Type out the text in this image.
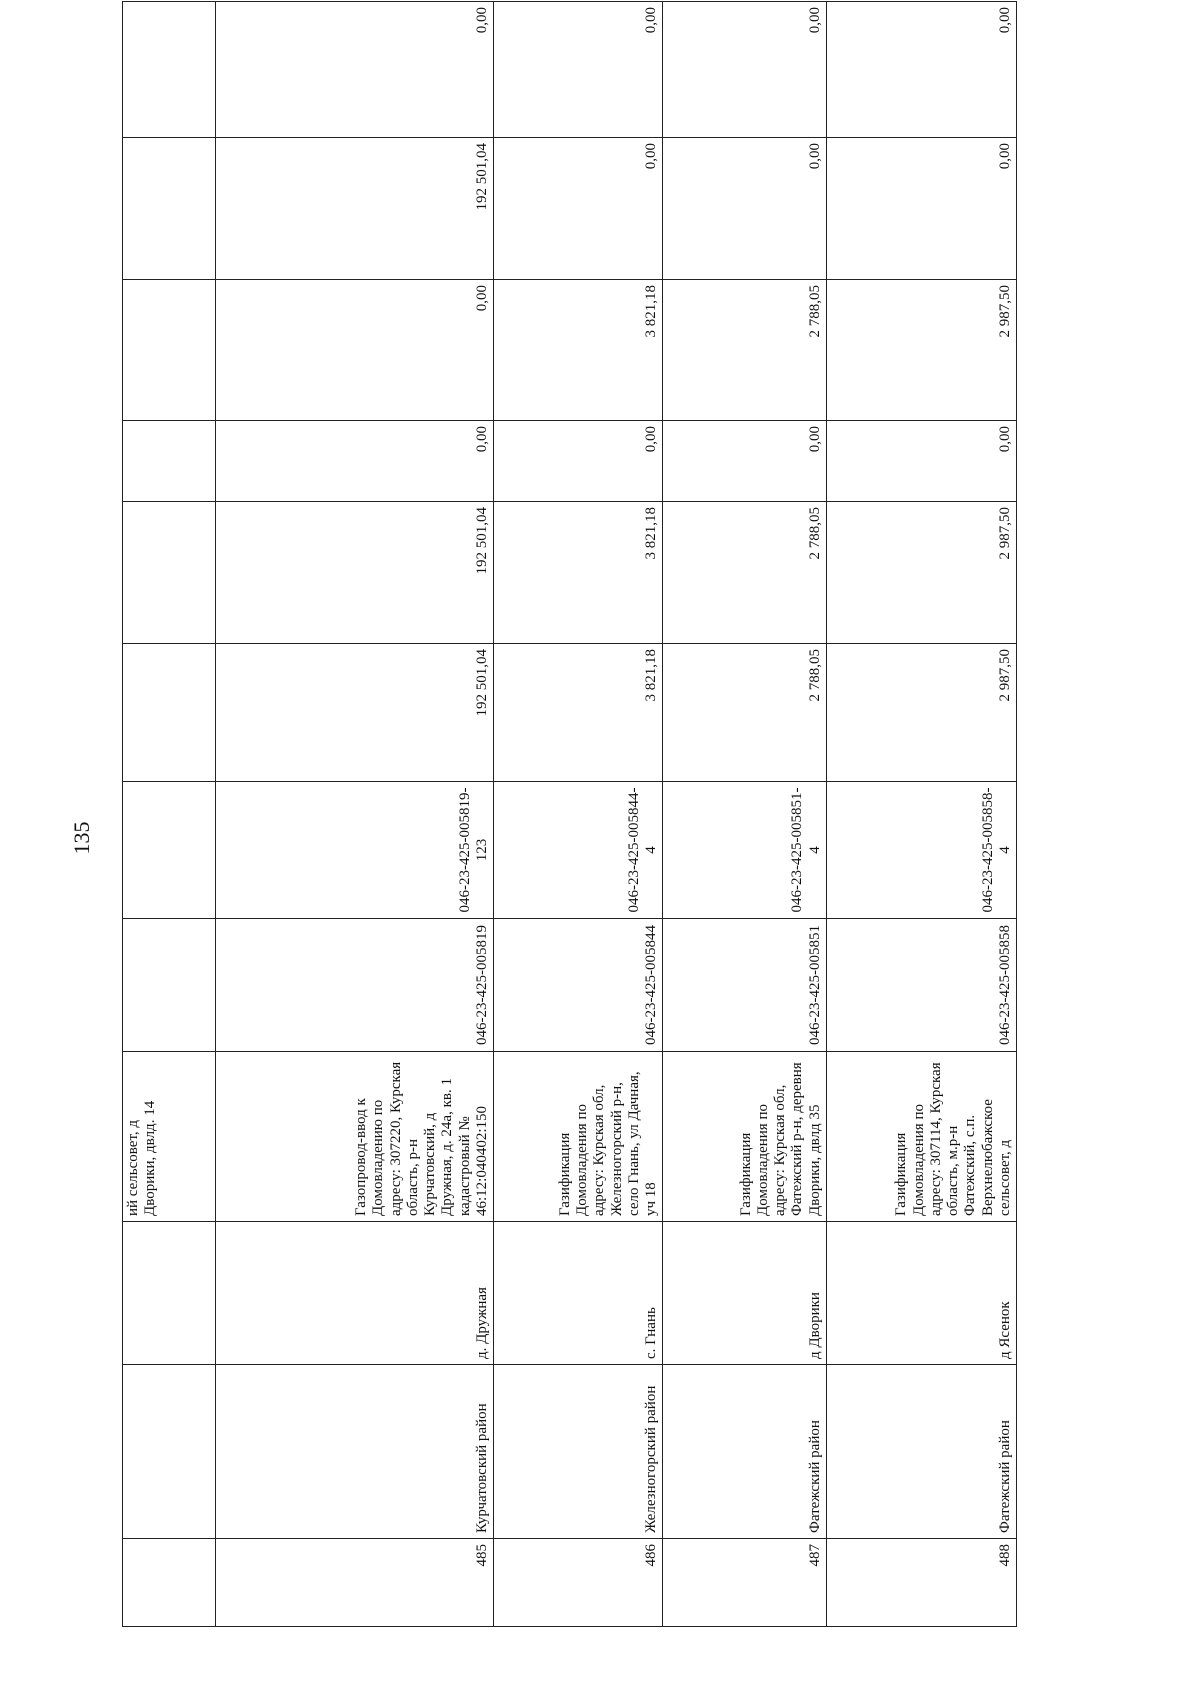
135
			ий сельсовет, д Дворики, двлд. 14								
485	Курчатовский район	д. Дружная	Газопровод-ввод к Домовладению по адресу: 307220, Курская область, р-н Курчатовский, д Дружная, д. 24а, кв. 1 кадастровый № 46:12:040402:150	046-23-425-005819	046-23-425-005819-123	192 501,04	192 501,04	0,00	0,00	192 501,04	0,00
486	Железногорский район	с. Гнань	Газификация Домовладения по адресу: Курская обл, Железногорский р-н, село Гнань, ул Дачная, уч 18	046-23-425-005844	046-23-425-005844-4	3 821,18	3 821,18	0,00	3 821,18	0,00	0,00
487	Фатежский район	д Дворики	Газификация Домовладения по адресу: Курская обл, Фатежский р-н, деревня Дворики, двлд 35	046-23-425-005851	046-23-425-005851-4	2 788,05	2 788,05	0,00	2 788,05	0,00	0,00
488	Фатежский район	д Ясенок	Газификация Домовладения по адресу: 307114, Курская область, м.р-н Фатежский, с.п. Верхнелюбажское сельсовет, д	046-23-425-005858	046-23-425-005858-4	2 987,50	2 987,50	0,00	2 987,50	0,00	0,00
